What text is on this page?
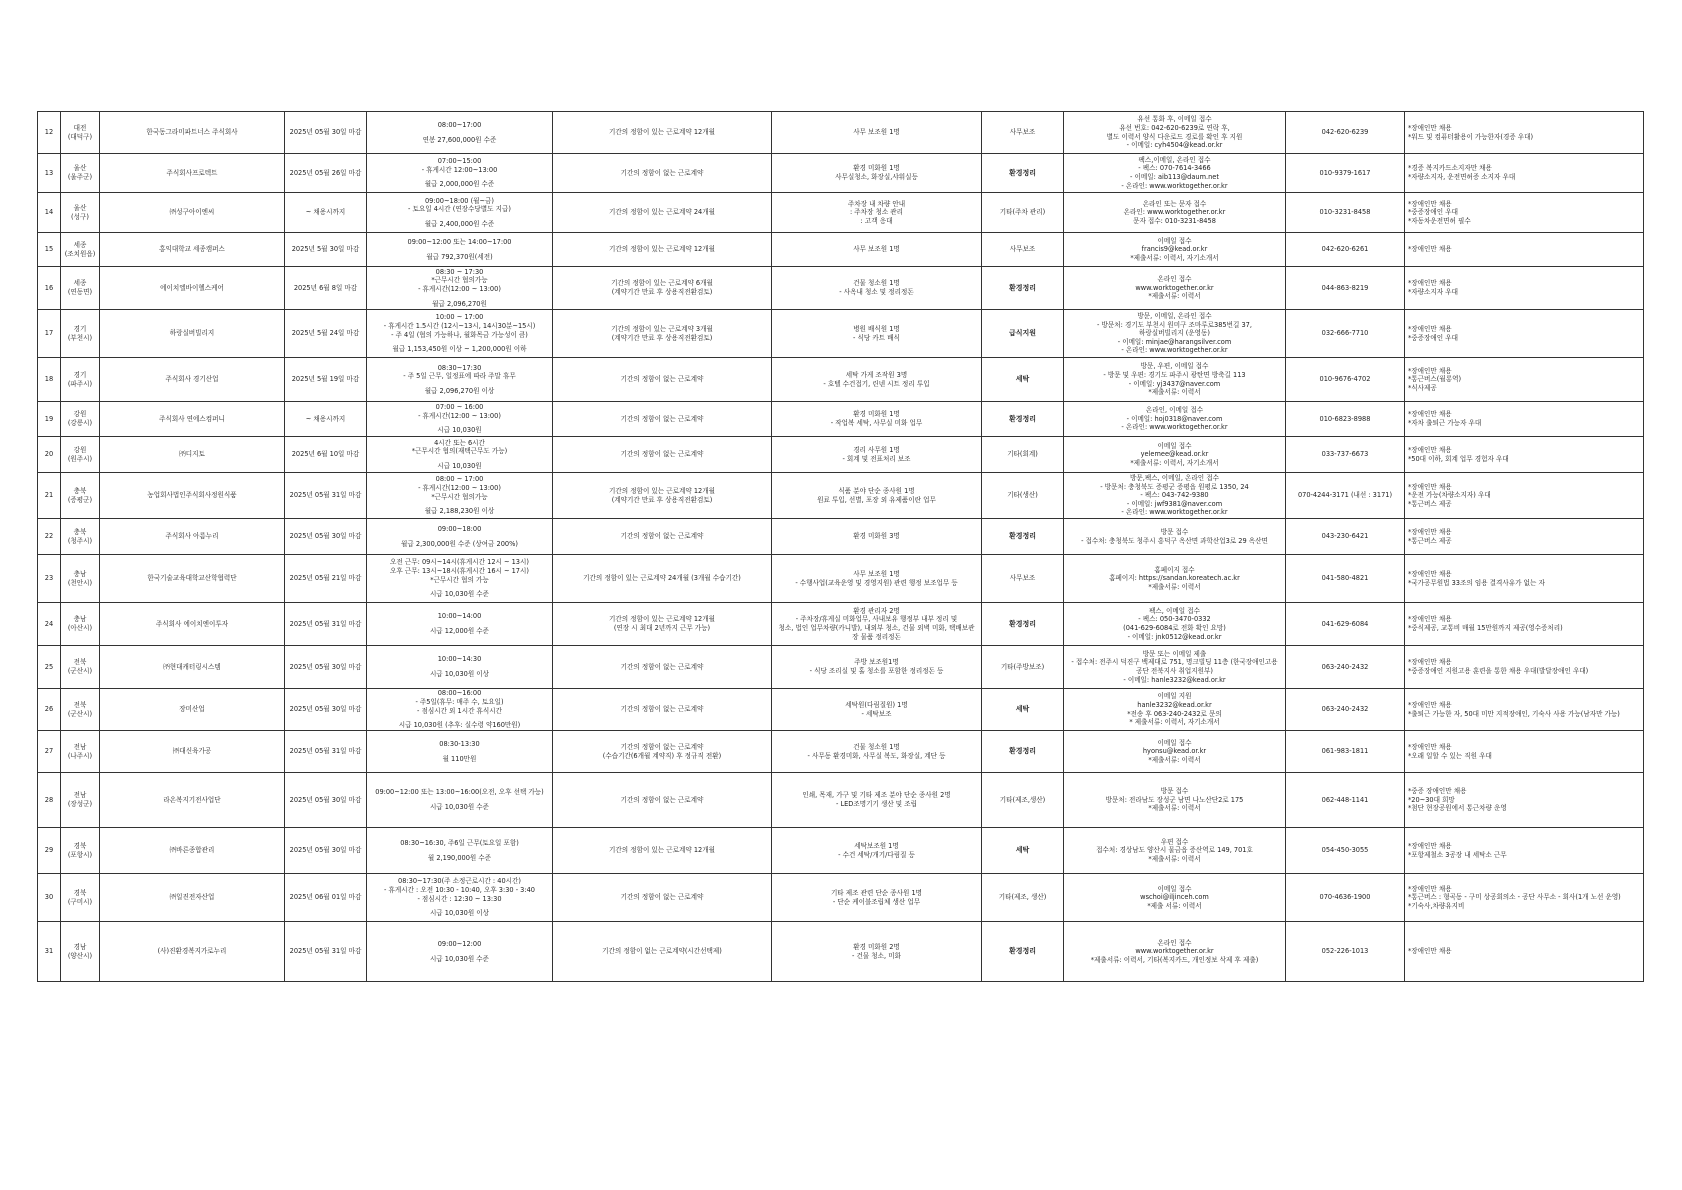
12	대전
(대덕구)	한국동그라미파트너스 주식회사	2025년 05월 30일 마감	08:00~17:00
연봉 27,600,000원 수준	기간의 정함이 있는 근로계약 12개월	사무 보조원 1명	사무보조	유선 통화 후, 이메일 접수
유선 번호: 042-620-6239로 연락 후,
별도 이력서 양식 다운로드 경로를 확인 후 지원
- 이메일: cyh4504@kead.or.kr	042-620-6239	*장애인만 채용
*워드 및 컴퓨터활용이 가능한자(경증 우대)

13	울산
(울주군)	주식회사프로텍트	2025년 05월 26일 마감	07:00~15:00
- 휴게시간 12:00~13:00
월급 2,000,000원 수준	기간의 정함이 없는 근로계약	환경 미화원 1명
사무실청소, 화장실,샤워실등	환경정리	팩스,이메일, 온라인 접수
- 팩스: 070-7614-3466
- 이메일: aib113@daum.net
- 온라인: www.worktogether.or.kr	010-9379-1617	*경증 복지카드소지자만 채용
*자량소지자, 운전면허증 소지자 우대

14	울산
(성구)	㈜성구아이엔씨	~ 채용시까지	09:00~18:00 (월~금)
- 토요일 4시간 (연장수당별도 지급)
월급 2,400,000원 수준	기간의 정함이 있는 근로계약 24개월	주차장 내 차량 안내
: 주차장 청소 관리
: 고객 응대	기타(주차 관리)	온라인 또는 문자 접수
온라인: www.worktogether.or.kr
문자 접수: 010-3231-8458	010-3231-8458	*장애인만 채용
*중증장애인 우대
*자동차운전면허 필수

15	세종
(조치원읍)	홍익대학교 세종캠퍼스	2025년 5월 30일 마감	09:00~12:00 또는 14:00~17:00
월급 792,370원(세전)	기간의 정함이 있는 근로계약 12개월	사무 보조원 1명	사무보조	이메일 접수
francis9@kead.or.kr
*제출서류: 이력서, 자기소개서	042-620-6261	*장애인만 채용

16	세종
(연동면)	에이치엘바이헬스케어	2025년 6월 8일 마감	08:30 ~ 17:30
*근무시간 협의가능
- 휴게시간(12:00 ~ 13:00)
월급 2,096,270원	기간의 정함이 있는 근로계약 6개월
(계약기간 만료 후 상용직전환검토)	건물 청소원 1명
- 사옥내 청소 및 정리정돈	환경정리	온라인 접수
www.worktogether.or.kr
*제출서류: 이력서	044-863-8219	*장애인만 채용
*자량소지자 우대

17	경기
(부천시)	하랑실버빌리지	2025년 5월 24일 마감	10:00 ~ 17:00
- 휴게시간 1.5시간 (12시~13시, 14시30분~15시)
- 주 4일 (협의 가능하나, 월화목금 가능성이 큼)
월급 1,153,450원 이상 ~ 1,200,000원 이하	기간의 정함이 있는 근로계약 3개월
(계약기간 만료 후 상용직전환검토)	병원 배식원 1명
- 식당 카트 배식	급식지원	방문, 이메일, 온라인 접수
- 방문처: 경기도 부천시 원미구 조마루로385번길 37,
하랑실버빌리지 (운영동)
- 이메일: minjae@harangsilver.com
- 온라인: www.worktogether.or.kr	032-666-7710	*장애인만 채용
*중증장애인 우대

18	경기
(파주시)	주식회사 경기산업	2025년 5월 19일 마감	08:30~17:30
- 주 5일 근무, 일정표에 따라 주말 휴무
월급 2,096,270원 이상	기간의 정함이 없는 근로계약	세탁 가게 조작원 3명
- 호텔 수건접기, 린넨 시트 정리 투입	세탁	방문, 우편, 이메일 접수
- 방문 및 우편: 경기도 파주시 광탄면 방축길 113
- 이메일: yj3437@naver.com
*제출서류: 이력서	010-9676-4702	*장애인만 채용
*통근버스(월롱역)
*식사제공

19	강원
(강릉시)	주식회사 연에스컴퍼니	~ 채용시까지	07:00 ~ 16:00
- 휴게시간(12:00 ~ 13:00)
시급 10,030원	기간의 정함이 없는 근로계약	환경 미화원 1명
- 작업복 세탁, 사무실 미화 업무	환경정리	온라인, 이메일 접수
- 이메일: hoj0318@naver.com
- 온라인: www.worktogether.or.kr	010-6823-8988	*장애인만 채용
*자차 출퇴근 가능자 우대

20	강원
(원주시)	㈜디지토	2025년 6월 10일 마감	4시간 또는 6시간
*근무시간 협의(재택근무도 가능)
시급 10,030원	기간의 정함이 없는 근로계약	경리 사무원 1명
- 회계 및 전표처리 보조	기타(회계)	이메일 접수
yelemee@kead.or.kr
*제출서류: 이력서, 자기소개서	033-737-6673	*장애인만 채용
*50대 이하, 회계 업무 경험자 우대

21	충북
(증평군)	농업회사법인주식회사정원식품	2025년 05월 31일 마감	08:00 ~ 17:00
- 휴게시간(12:00 ~ 13:00)
*근무시간 협의가능
월급 2,188,230원 이상	기간의 정함이 있는 근로계약 12개월
(계약기간 만료 후 상용직전환검토)	식품 분야 단순 종사원 1명
원료 투입, 선별, 포장 외 유제품이란 업무	기타(생산)	방문,팩스, 이메일, 온라인 접수
- 방문처: 충청북도 증평군 증평읍 원평로 1350, 24
- 팩스: 043-742-9380
- 이메일: jwf9381@naver.com
- 온라인: www.worktogether.or.kr	070-4244-3171 (내선 : 3171)	*장애인만 채용
*운전 가능(차량소지자) 우대
*통근버스 제공

22	충북
(청주시)	주식회사 아름누리	2025년 05월 30일 마감	09:00~18:00
월급 2,300,000원 수준 (상여금 200%)	기간의 정함이 없는 근로계약	환경 미화원 3명	환경정리	방문 접수
- 접수처: 충청북도 청주시 흥덕구 옥산면 과학산업3로 29 옥산면	043-230-6421	*장애인만 채용
*통근버스 제공

23	충남
(천안시)	한국기술교육대학교산학협력단	2025년 05월 21일 마감	오전 근무: 09시~14시(휴게시간 12시 ~ 13시)
오후 근무: 13시~18시(휴게시간 16시 ~ 17시)
*근무시간 협의 가능
시급 10,030원 수준	기간의 정함이 있는 근로계약 24개월 (3개월 수습기간)	사무 보조원 1명
- 수행사업(교육운영 및 경영지원) 관련 행정 보조업무 등	사무보조	홈페이지 접수
홈페이지: https://sandan.koreatech.ac.kr
*제출서류: 이력서	041-580-4821	*장애인만 채용
*국가공무원법 33조의 임용 결격사유가 없는 자

24	충남
(아산시)	주식회사 에이치엔이투자	2025년 05월 31일 마감	10:00~14:00
시급 12,000원 수준	기간의 정함이 있는 근로계약 12개월
(연장 시 최대 2년까지 근무 가능)	환경 관리자 2명
- 주차장/휴게실 미화업무, 사내보유 행정부 내부 정리 및
청소, 법인 업무차량(카니발), 내외부 청소, 건물 외벽 미화, 택배보관
장 물품 정리정돈	환경정리	팩스, 이메일 접수
- 팩스: 050-3470-0332
(041-629-6084로 전화 확인 요망)
- 이메일: jnk0512@kead.or.kr	041-629-6084	*장애인만 채용
*중식제공, 교통비 매월 15만원까지 제공(영수증처리)

25	전북
(군산시)	㈜현대캐터링시스템	2025년 05월 30일 마감	10:00~14:30
시급 10,030원 이상	기간의 정함이 없는 근로계약	주방 보조원1명
- 식당 조리실 및 홀 청소를 포함한 정리정돈 등	기타(주방보조)	방문 또는 이메일 제출
- 접수처: 전주시 덕진구 백제대로 751, 명크빌딩 11층 (한국장애인고용
공단 전북지사 취업지원부)
- 이메일: hanle3232@kead.or.kr	063-240-2432	*장애인만 채용
*중증장애인 지원고용 훈련을 통한 채용 우대(발달장애인 우대)

26	전북
(군산시)	장미산업	2025년 05월 30일 마감	08:00~16:00
- 주5일(휴무: 매주 수, 토요일)
- 점심시간 외 1시간 휴식시간
시급 10,030원 (추후: 실수령 약160만원)	기간의 정함이 없는 근로계약	세탁원(다림질원) 1명
- 세탁보조	세탁	이메일 지원
hanle3232@kead.or.kr
*전송 후 063-240-2432로 문의
* 제출서류: 이력서, 자기소개서	063-240-2432	*장애인만 채용
*출퇴근 가능한 자, 50대 미만 지적장애인, 기숙사 사용 가능(남자만 가능)

27	전남
(나주시)	㈜대신육가공	2025년 05월 31일 마감	08:30-13:30
월 110만원	기간의 정함이 없는 근로계약
(수습기간(6개월 계약직) 후 정규직 전환)	건물 청소원 1명
- 사무동 환경미화, 사무실 복도, 화장실, 계단 등	환경정리	이메일 접수
hyonsu@kead.or.kr
*제출서류: 이력서	061-983-1811	*장애인만 채용
*오래 일할 수 있는 직원 우대

28	전남
(장성군)	라온복지기전사업단	2025년 05월 30일 마감	09:00~12:00 또는 13:00~16:00(오전, 오후 선택 가능)
시급 10,030원 수준	기간의 정함이 없는 근로계약	인쇄, 목재, 가구 및 기타 제조 분야 단순 종사원 2명
- LED조명기기 생산 및 조립	기타(제조,생산)	방문 접수
방문처: 전라남도 장성군 남면 나노산단2로 175
*제출서류: 이력서	062-448-1141	*중증 장애인만 채용
*20~30대 희망
*첨단 현장공원에서 통근차량 운영

29	경북
(포항시)	㈜바른종합관리	2025년 05월 30일 마감	08:30~16:30, 주6일 근무(토요일 포함)
월 2,190,000원 수준	기간의 정함이 있는 근로계약 12개월	세탁보조원 1명
- 수건 세탁/개기/다림질 등	세탁	우편 접수
접수처: 경상남도 양산시 물금읍 증산역로 149, 701호
*제출서류: 이력서	054-450-3055	*장애인만 채용
*포항제철소 3공장 내 세탁소 근무

30	경북
(구미시)	㈜일진전자산업	2025년 06월 01일 마감	08:30~17:30(주 소정근로시간 : 40시간)
- 휴게시간 : 오전 10:30 - 10:40, 오후 3:30 - 3:40
- 점심시간 : 12:30 ~ 13:30
시급 10,030원 이상	기간의 정함이 없는 근로계약	기타 제조 관련 단순 종사원 1명
- 단순 케이블조립체 생산 업무	기타(제조, 생산)	이메일 접수
wschoi@iljinceh.com
*제출 서류: 이력서	070-4636-1900	*장애인만 채용
*통근버스 : 형곡동 - 구미 상공회의소 - 공단 사무소 - 회사(1개 노선 운영)
*기숙사,차량유지비

31	경남
(양산시)	(사)진환경복지가로누리	2025년 05월 31일 마감	09:00~12:00
시급 10,030원 수준	기간의 정함이 없는 근로계약(시간선택제)	환경 미화원 2명
- 건물 청소, 미화	환경정리	온라인 접수
www.worktogether.or.kr
*제출서류: 이력서, 기타(복지카드, 개인정보 삭제 후 제출)	052-226-1013	*장애인만 채용
